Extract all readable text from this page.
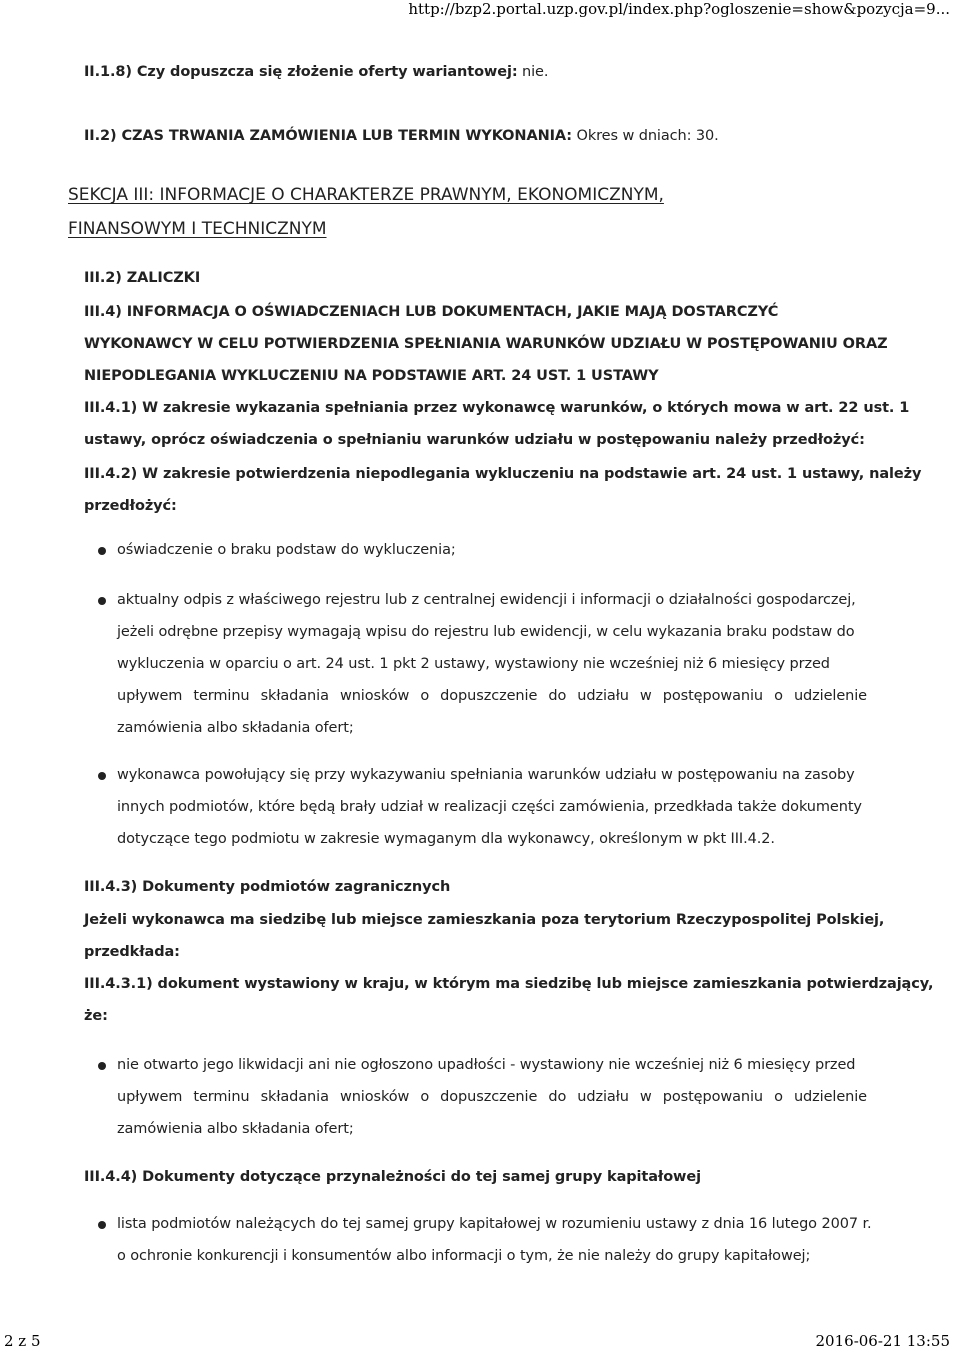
http://bzp2.portal.uzp.gov.pl/index.php?ogloszenie=show&pozycja=9...
II.1.8) Czy dopuszcza się złożenie oferty wariantowej: nie.
II.2) CZAS TRWANIA ZAMÓWIENIA LUB TERMIN WYKONANIA: Okres w dniach: 30.
SEKCJA III: INFORMACJE O CHARAKTERZE PRAWNYM, EKONOMICZNYM,
FINANSOWYM I TECHNICZNYM
III.2) ZALICZKI
III.4) INFORMACJA O OŚWIADCZENIACH LUB DOKUMENTACH, JAKIE MAJĄ DOSTARCZYĆ
WYKONAWCY W CELU POTWIERDZENIA SPEŁNIANIA WARUNKÓW UDZIAŁU W POSTĘPOWANIU ORAZ
NIEPODLEGANIA WYKLUCZENIU NA PODSTAWIE ART. 24 UST. 1 USTAWY
III.4.1) W zakresie wykazania spełniania przez wykonawcę warunków, o których mowa w art. 22 ust. 1
ustawy, oprócz oświadczenia o spełnianiu warunków udziału w postępowaniu należy przedłożyć:
III.4.2) W zakresie potwierdzenia niepodlegania wykluczeniu na podstawie art. 24 ust. 1 ustawy, należy
przedłożyć:
oświadczenie o braku podstaw do wykluczenia;
aktualny odpis z właściwego rejestru lub z centralnej ewidencji i informacji o działalności gospodarczej,
jeżeli odrębne przepisy wymagają wpisu do rejestru lub ewidencji, w celu wykazania braku podstaw do
wykluczenia w oparciu o art. 24 ust. 1 pkt 2 ustawy, wystawiony nie wcześniej niż 6 miesięcy przed
upływem terminu składania wniosków o dopuszczenie do udziału w postępowaniu o udzielenie
zamówienia albo składania ofert;
wykonawca powołujący się przy wykazywaniu spełniania warunków udziału w postępowaniu na zasoby
innych podmiotów, które będą brały udział w realizacji części zamówienia, przedkłada także dokumenty
dotyczące tego podmiotu w zakresie wymaganym dla wykonawcy, określonym w pkt III.4.2.
III.4.3) Dokumenty podmiotów zagranicznych
Jeżeli wykonawca ma siedzibę lub miejsce zamieszkania poza terytorium Rzeczypospolitej Polskiej,
przedkłada:
III.4.3.1) dokument wystawiony w kraju, w którym ma siedzibę lub miejsce zamieszkania potwierdzający,
że:
nie otwarto jego likwidacji ani nie ogłoszono upadłości - wystawiony nie wcześniej niż 6 miesięcy przed
upływem terminu składania wniosków o dopuszczenie do udziału w postępowaniu o udzielenie
zamówienia albo składania ofert;
III.4.4) Dokumenty dotyczące przynależności do tej samej grupy kapitałowej
lista podmiotów należących do tej samej grupy kapitałowej w rozumieniu ustawy z dnia 16 lutego 2007 r.
o ochronie konkurencji i konsumentów albo informacji o tym, że nie należy do grupy kapitałowej;
2 z 5	2016-06-21 13:55
